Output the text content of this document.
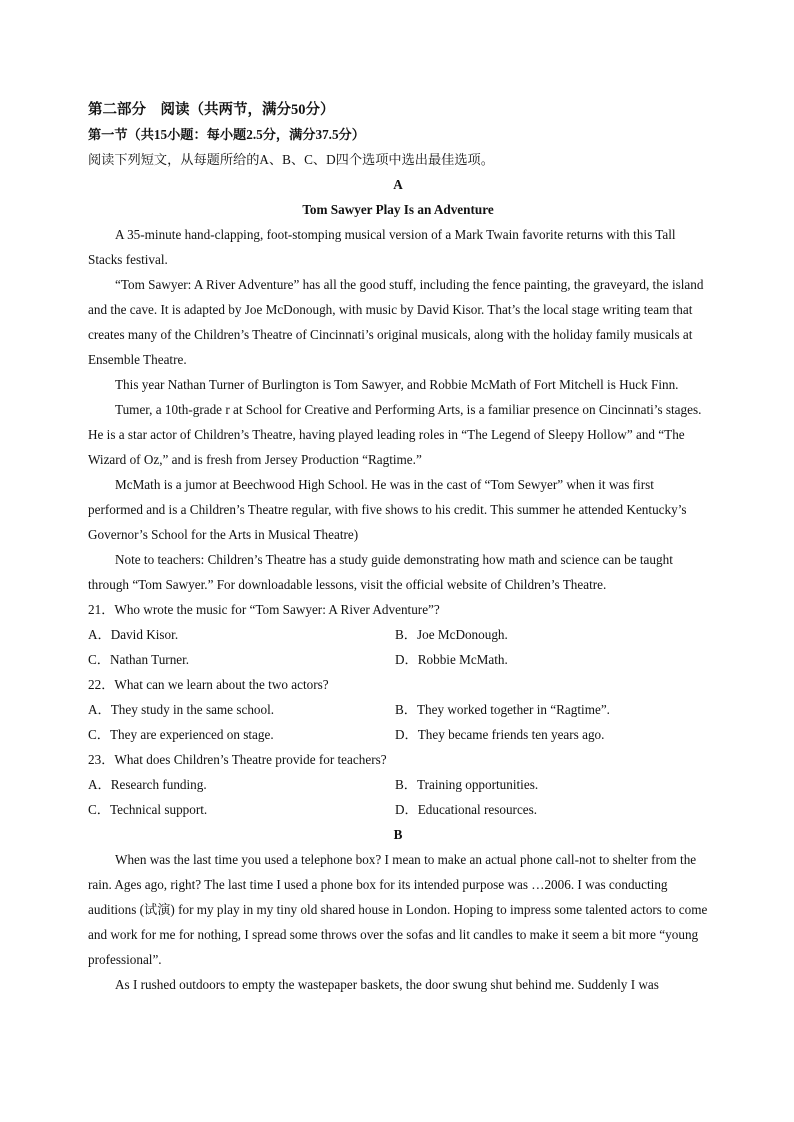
第二部分　阅读（共两节，满分50分）
第一节（共15小题：每小题2.5分，满分37.5分）
阅读下列短文，从每题所给的A、B、C、D四个选项中选出最佳选项。
A
Tom Sawyer Play Is an Adventure

A 35-minute hand-clapping, foot-stomping musical version of a Mark Twain favorite returns with this Tall Stacks festival.

“Tom Sawyer: A River Adventure” has all the good stuff, including the fence painting, the graveyard, the island and the cave. It is adapted by Joe McDonough, with music by David Kisor. That’s the local stage writing team that creates many of the Children’s Theatre of Cincinnati’s original musicals, along with the holiday family musicals at Ensemble Theatre.

This year Nathan Turner of Burlington is Tom Sawyer, and Robbie McMath of Fort Mitchell is Huck Finn.

Tumer, a 10th-grade r at School for Creative and Performing Arts, is a familiar presence on Cincinnati’s stages. He is a star actor of Children’s Theatre, having played leading roles in “The Legend of Sleepy Hollow” and “The Wizard of Oz,” and is fresh from Jersey Production “Ragtime.”

McMath is a jumor at Beechwood High School. He was in the cast of “Tom Sewyer” when it was first performed and is a Children’s Theatre regular, with five shows to his credit. This summer he attended Kentucky’s Governor’s School for the Arts in Musical Theatre)

Note to teachers: Children’s Theatre has a study guide demonstrating how math and science can be taught through “Tom Sawyer.” For downloadable lessons, visit the official website of Children’s Theatre.

21．Who wrote the music for “Tom Sawyer: A River Adventure”?
A．David Kisor.	B．Joe McDonough.
C．Nathan Turner.	D．Robbie McMath.
22．What can we learn about the two actors?
A．They study in the same school.	B．They worked together in “Ragtime”.
C．They are experienced on stage.	D．They became friends ten years ago.
23．What does Children’s Theatre provide for teachers?
A．Research funding.	B．Training opportunities.
C．Technical support.	D．Educational resources.
B

When was the last time you used a telephone box? I mean to make an actual phone call-not to shelter from the rain. Ages ago, right? The last time I used a phone box for its intended purpose was …2006. I was conducting auditions (试演) for my play in my tiny old shared house in London. Hoping to impress some talented actors to come and work for me for nothing, I spread some throws over the sofas and lit candles to make it seem a bit more “young professional”.

As I rushed outdoors to empty the wastepaper baskets, the door swung shut behind me. Suddenly I was
